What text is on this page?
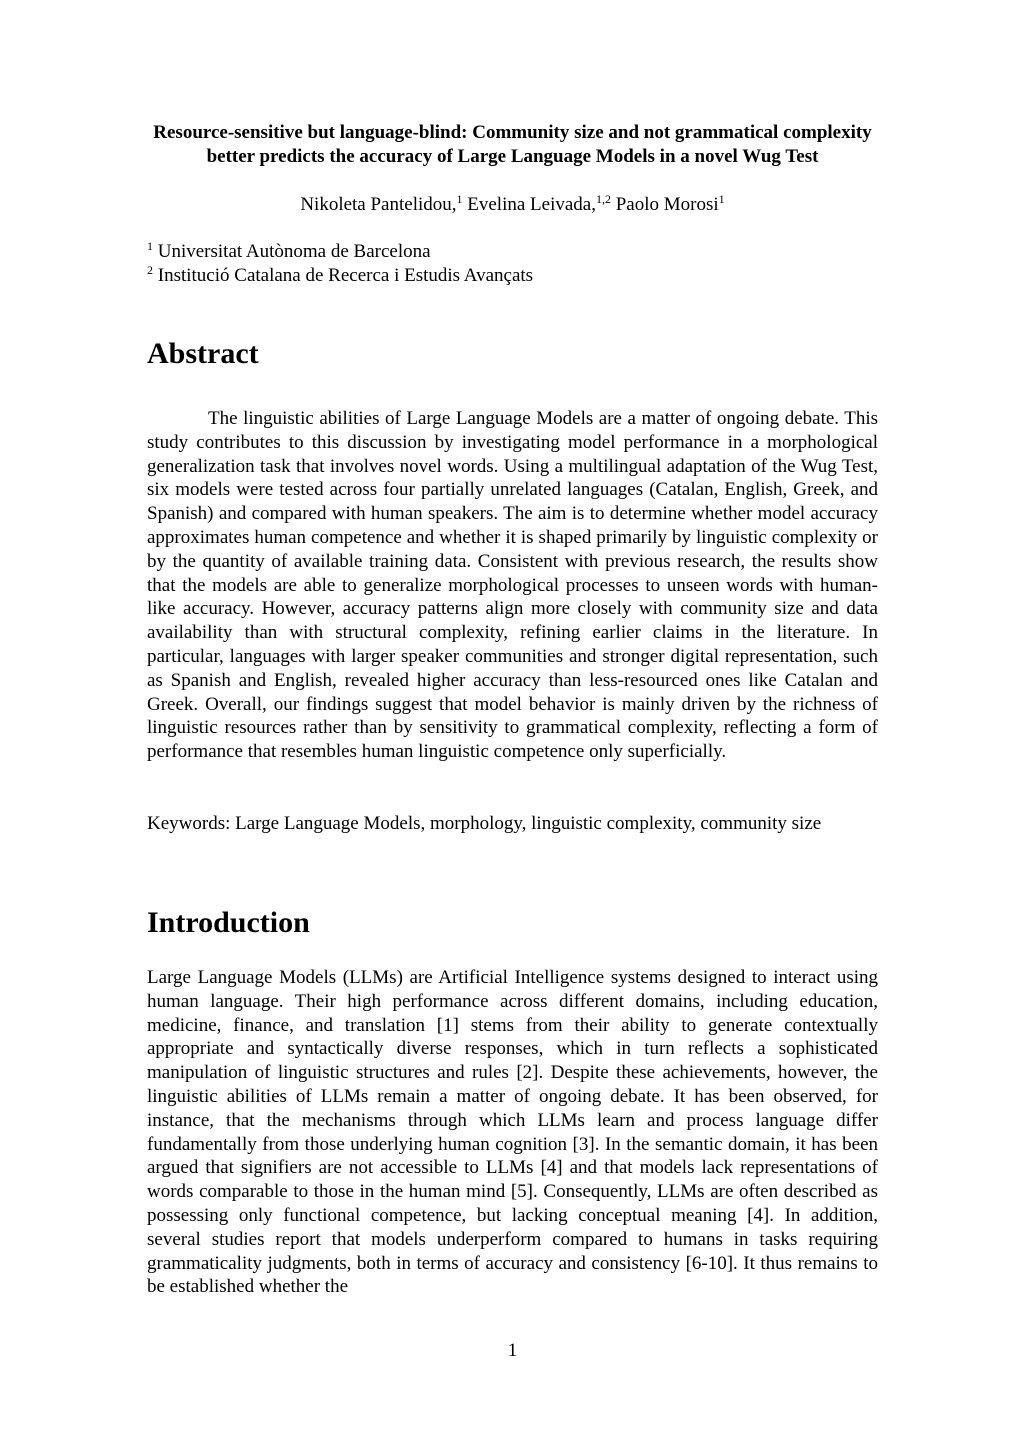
Resource-sensitive but language-blind: Community size and not grammatical complexity better predicts the accuracy of Large Language Models in a novel Wug Test
Nikoleta Pantelidou,$^1$ Evelina Leivada,$^{1,2}$ Paolo Morosi$^1$
$^1$ Universitat Autònoma de Barcelona
$^2$ Institució Catalana de Recerca i Estudis Avançats
Abstract
The linguistic abilities of Large Language Models are a matter of ongoing debate. This study contributes to this discussion by investigating model performance in a morphological generalization task that involves novel words. Using a multilingual adaptation of the Wug Test, six models were tested across four partially unrelated languages (Catalan, English, Greek, and Spanish) and compared with human speakers. The aim is to determine whether model accuracy approximates human competence and whether it is shaped primarily by linguistic complexity or by the quantity of available training data. Consistent with previous research, the results show that the models are able to generalize morphological processes to unseen words with human-like accuracy. However, accuracy patterns align more closely with community size and data availability than with structural complexity, refining earlier claims in the literature. In particular, languages with larger speaker communities and stronger digital representation, such as Spanish and English, revealed higher accuracy than less-resourced ones like Catalan and Greek. Overall, our findings suggest that model behavior is mainly driven by the richness of linguistic resources rather than by sensitivity to grammatical complexity, reflecting a form of performance that resembles human linguistic competence only superficially.
Keywords: Large Language Models, morphology, linguistic complexity, community size
Introduction
Large Language Models (LLMs) are Artificial Intelligence systems designed to interact using human language. Their high performance across different domains, including education, medicine, finance, and translation [1] stems from their ability to generate contextually appropriate and syntactically diverse responses, which in turn reflects a sophisticated manipulation of linguistic structures and rules [2]. Despite these achievements, however, the linguistic abilities of LLMs remain a matter of ongoing debate. It has been observed, for instance, that the mechanisms through which LLMs learn and process language differ fundamentally from those underlying human cognition [3]. In the semantic domain, it has been argued that signifiers are not accessible to LLMs [4] and that models lack representations of words comparable to those in the human mind [5]. Consequently, LLMs are often described as possessing only functional competence, but lacking conceptual meaning [4]. In addition, several studies report that models underperform compared to humans in tasks requiring grammaticality judgments, both in terms of accuracy and consistency [6-10]. It thus remains to be established whether the
1
